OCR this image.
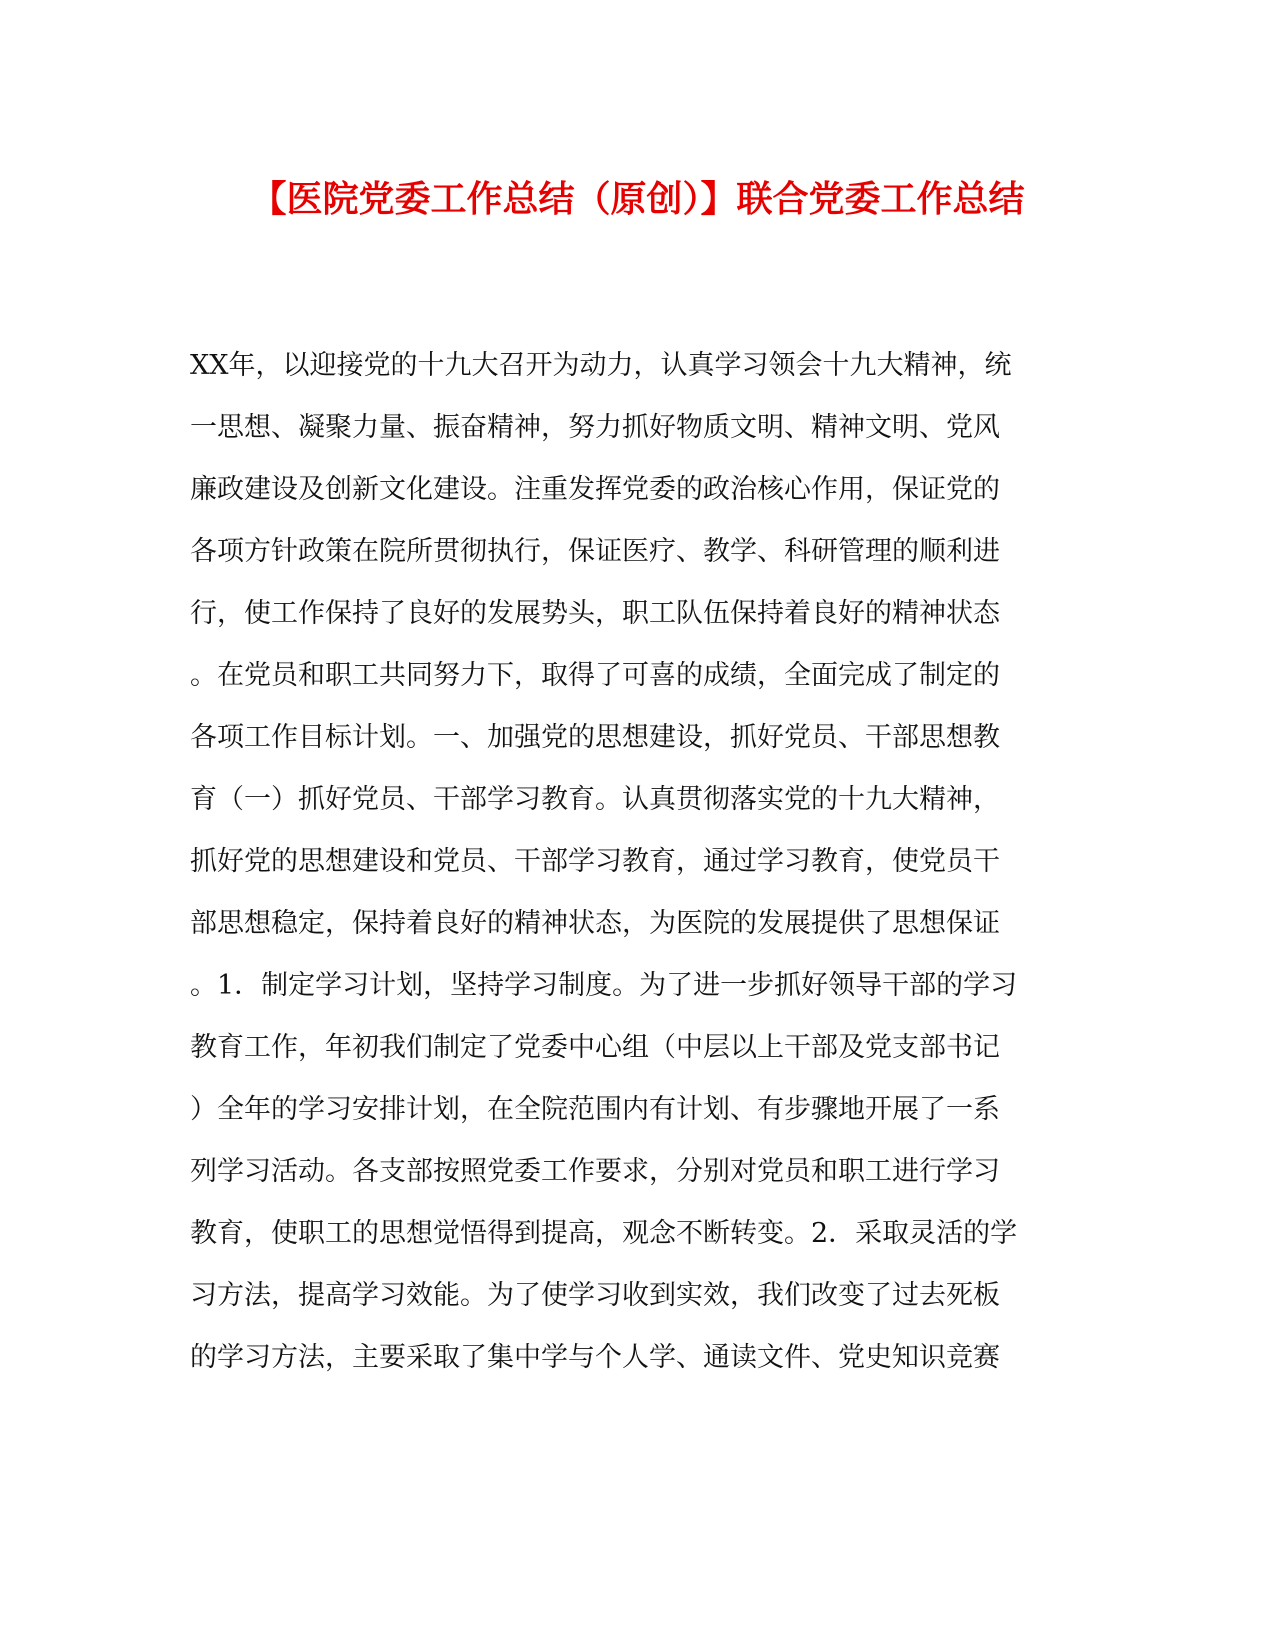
【医院党委工作总结（原创）】联合党委工作总结
XX年，以迎接党的十九大召开为动力，认真学习领会十九大精神，统
一思想、凝聚力量、振奋精神，努力抓好物质文明、精神文明、党风
廉政建设及创新文化建设。注重发挥党委的政治核心作用，保证党的
各项方针政策在院所贯彻执行，保证医疗、教学、科研管理的顺利进
行，使工作保持了良好的发展势头，职工队伍保持着良好的精神状态
。在党员和职工共同努力下，取得了可喜的成绩，全面完成了制定的
各项工作目标计划。一、加强党的思想建设，抓好党员、干部思想教
育（一）抓好党员、干部学习教育。认真贯彻落实党的十九大精神，
抓好党的思想建设和党员、干部学习教育，通过学习教育，使党员干
部思想稳定，保持着良好的精神状态，为医院的发展提供了思想保证
。1．制定学习计划，坚持学习制度。为了进一步抓好领导干部的学习
教育工作，年初我们制定了党委中心组（中层以上干部及党支部书记
）全年的学习安排计划，在全院范围内有计划、有步骤地开展了一系
列学习活动。各支部按照党委工作要求，分别对党员和职工进行学习
教育，使职工的思想觉悟得到提高，观念不断转变。2．采取灵活的学
习方法，提高学习效能。为了使学习收到实效，我们改变了过去死板
的学习方法，主要采取了集中学与个人学、通读文件、党史知识竞赛
